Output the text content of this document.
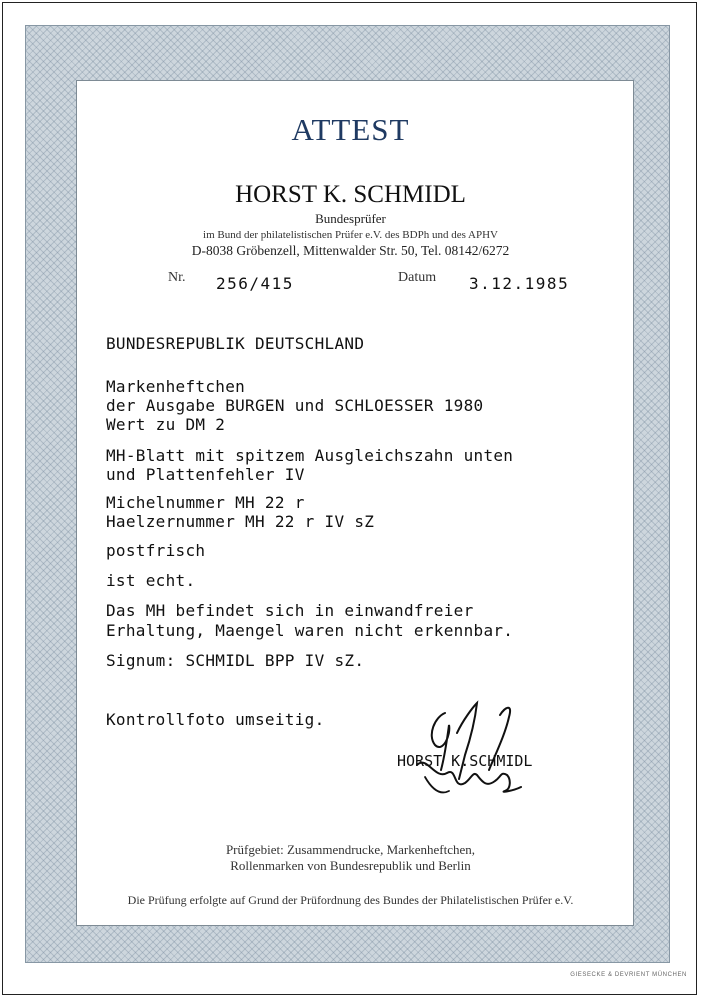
ATTEST
HORST K. SCHMIDL
Bundesprüfer
im Bund der philatelistischen Prüfer e.V. des BDPh und des APHV
D-8038 Gröbenzell, Mittenwalder Str. 50, Tel. 08142/6272
Nr. 256/415	Datum 3.12.1985
BUNDESREPUBLIK DEUTSCHLAND
Markenheftchen
der Ausgabe BURGEN und SCHLOESSER 1980
Wert zu DM 2
MH-Blatt mit spitzem Ausgleichszahn unten
und Plattenfehler IV
Michelnummer MH 22 r
Haelzernummer MH 22 r IV sZ
postfrisch
ist echt.
Das MH befindet sich in einwandfreier
Erhaltung, Maengel waren nicht erkennbar.
Signum: SCHMIDL BPP IV sZ.
Kontrollfoto umseitig.
HORST K.SCHMIDL
Prüfgebiet: Zusammendrucke, Markenheftchen,
Rollenmarken von Bundesrepublik und Berlin
Die Prüfung erfolgte auf Grund der Prüfordnung des Bundes der Philatelistischen Prüfer e.V.
GIESECKE & DEVRIENT MÜNCHEN
